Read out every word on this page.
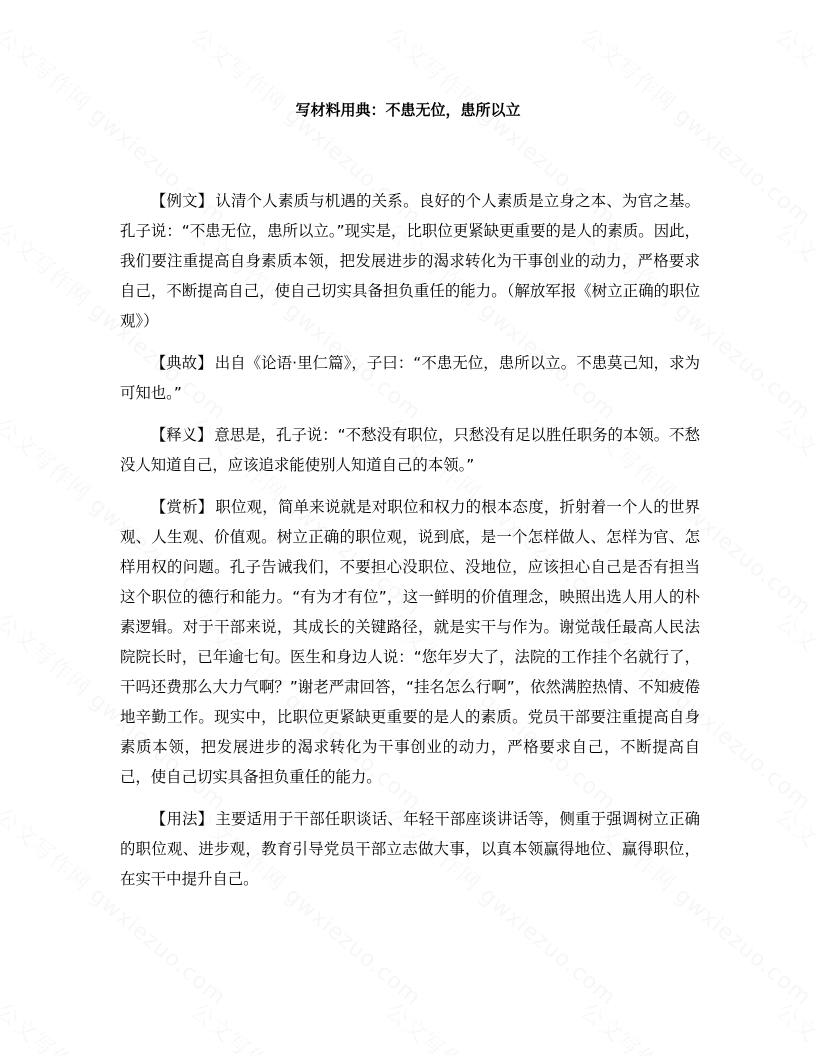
写材料用典：不患无位，患所以立

【例文】 认清个人素质与机遇的关系。良好的个人素质是立身之本、为官之基。孔子说：“不患无位，患所以立。”现实是，比职位更紧缺更重要的是人的素质。因此，我们要注重提高自身素质本领，把发展进步的渴求转化为干事创业的动力，严格要求自己，不断提高自己，使自己切实具备担负重任的能力。（解放军报《树立正确的职位观》）

【典故】 出自《论语·里仁篇》，子曰：“不患无位，患所以立。不患莫己知，求为可知也。”

【释义】 意思是，孔子说：“不愁没有职位，只愁没有足以胜任职务的本领。不愁没人知道自己，应该追求能使别人知道自己的本领。”

【赏析】 职位观，简单来说就是对职位和权力的根本态度，折射着一个人的世界观、人生观、价值观。树立正确的职位观，说到底，是一个怎样做人、怎样为官、怎样用权的问题。孔子告诫我们，不要担心没职位、没地位，应该担心自己是否有担当这个职位的德行和能力。“有为才有位”，这一鲜明的价值理念，映照出选人用人的朴素逻辑。对于干部来说，其成长的关键路径，就是实干与作为。谢觉哉任最高人民法院院长时，已年逾七旬。医生和身边人说：“您年岁大了，法院的工作挂个名就行了，干吗还费那么大力气啊？”谢老严肃回答，“挂名怎么行啊”，依然满腔热情、不知疲倦地辛勤工作。现实中，比职位更紧缺更重要的是人的素质。党员干部要注重提高自身素质本领，把发展进步的渴求转化为干事创业的动力，严格要求自己，不断提高自己，使自己切实具备担负重任的能力。

【用法】 主要适用于干部任职谈话、年轻干部座谈讲话等，侧重于强调树立正确的职位观、进步观，教育引导党员干部立志做大事，以真本领赢得地位、赢得职位，在实干中提升自己。
